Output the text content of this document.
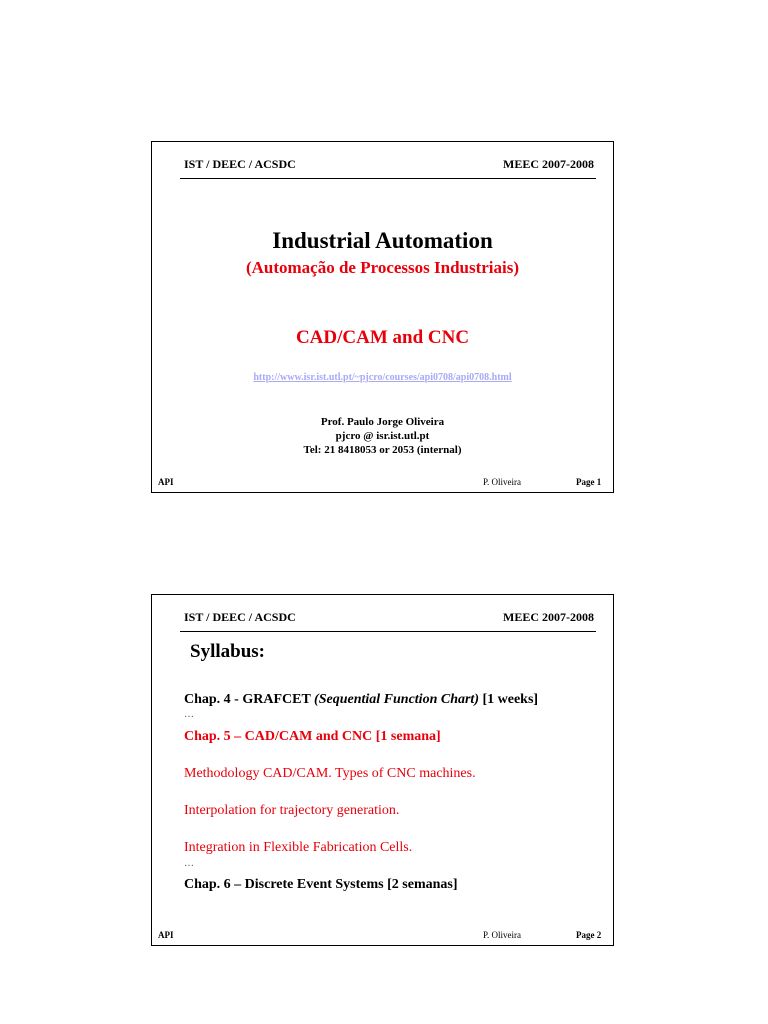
IST / DEEC / ACSDC	MEEC 2007-2008
Industrial Automation
(Automação de Processos Industriais)
CAD/CAM and CNC
http://www.isr.ist.utl.pt/~pjcro/courses/api0708/api0708.html
Prof. Paulo Jorge Oliveira
pjcro @ isr.ist.utl.pt
Tel: 21 8418053 or 2053 (internal)
API	P. Oliveira	Page 1
IST / DEEC / ACSDC	MEEC 2007-2008
Syllabus:
Chap. 4 - GRAFCET (Sequential Function Chart) [1 weeks]
…
Chap. 5 – CAD/CAM and CNC [1 semana]
Methodology CAD/CAM. Types of CNC machines.
Interpolation for trajectory generation.
Integration in Flexible Fabrication Cells.
…
Chap. 6 – Discrete Event Systems [2 semanas]
API	P. Oliveira	Page 2
